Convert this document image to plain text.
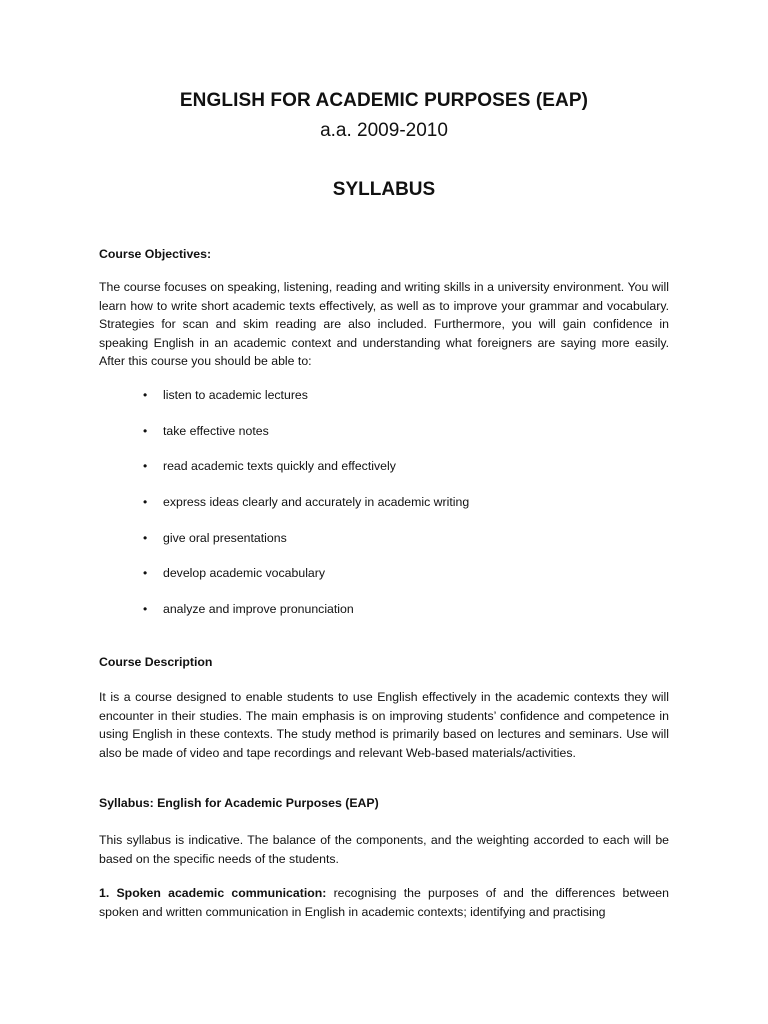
ENGLISH FOR ACADEMIC PURPOSES (EAP)
a.a. 2009-2010
SYLLABUS
Course Objectives:
The course focuses on speaking, listening, reading and writing skills in a university environment. You will learn how to write short academic texts effectively, as well as to improve your grammar and vocabulary. Strategies for scan and skim reading are also included. Furthermore, you will gain confidence in speaking English in an academic context and understanding what foreigners are saying more easily. After this course you should be able to:
• listen to academic lectures
• take effective notes
• read academic texts quickly and effectively
• express ideas clearly and accurately in academic writing
• give oral presentations
• develop academic vocabulary
• analyze and improve pronunciation
Course Description
It is a course designed to enable students to use English effectively in the academic contexts they will encounter in their studies. The main emphasis is on improving students’ confidence and competence in using English in these contexts. The study method is primarily based on lectures and seminars. Use will also be made of video and tape recordings and relevant Web-based materials/activities.
Syllabus: English for Academic Purposes (EAP)
This syllabus is indicative. The balance of the components, and the weighting accorded to each will be based on the specific needs of the students.
1. Spoken academic communication: recognising the purposes of and the differences between spoken and written communication in English in academic contexts; identifying and practising
